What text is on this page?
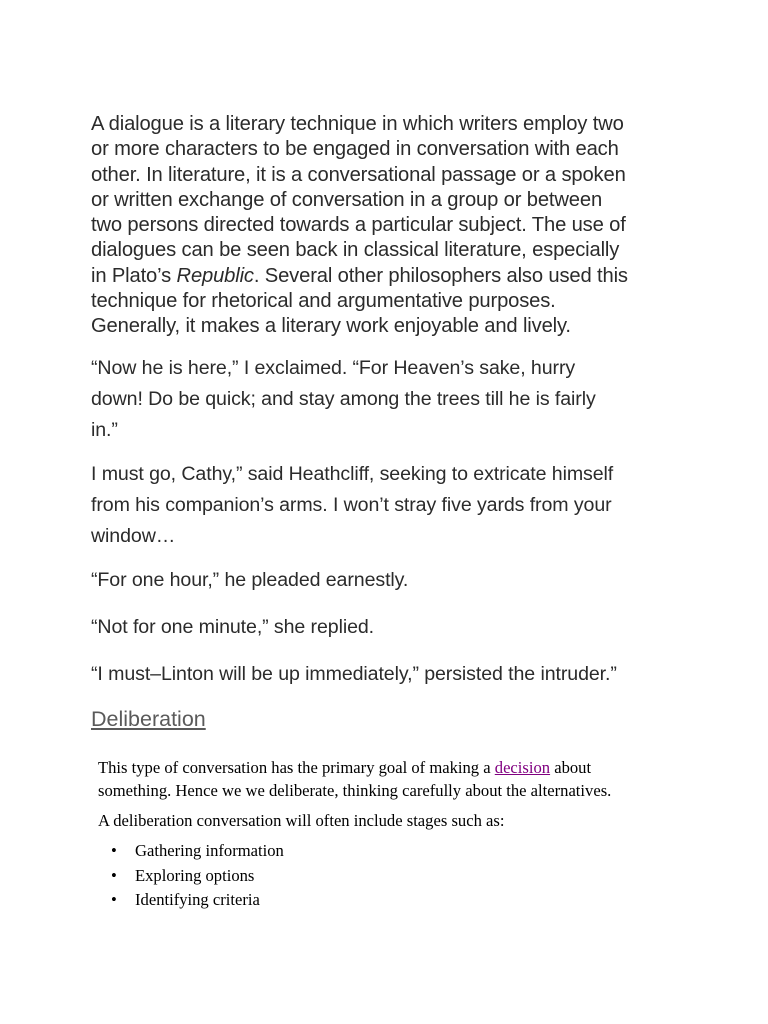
A dialogue is a literary technique in which writers employ two
or more characters to be engaged in conversation with each
other. In literature, it is a conversational passage or a spoken
or written exchange of conversation in a group or between
two persons directed towards a particular subject. The use of
dialogues can be seen back in classical literature, especially
in Plato’s Republic. Several other philosophers also used this
technique for rhetorical and argumentative purposes.
Generally, it makes a literary work enjoyable and lively.

“Now he is here,” I exclaimed. “For Heaven’s sake, hurry
down! Do be quick; and stay among the trees till he is fairly
in.”

I must go, Cathy,” said Heathcliff, seeking to extricate himself
from his companion’s arms. I won’t stray five yards from your
window…

“For one hour,” he pleaded earnestly.

“Not for one minute,” she replied.

“I must–Linton will be up immediately,” persisted the intruder.”

Deliberation

This type of conversation has the primary goal of making a decision about
something. Hence we we deliberate, thinking carefully about the alternatives.

A deliberation conversation will often include stages such as:

• Gathering information
• Exploring options
• Identifying criteria
